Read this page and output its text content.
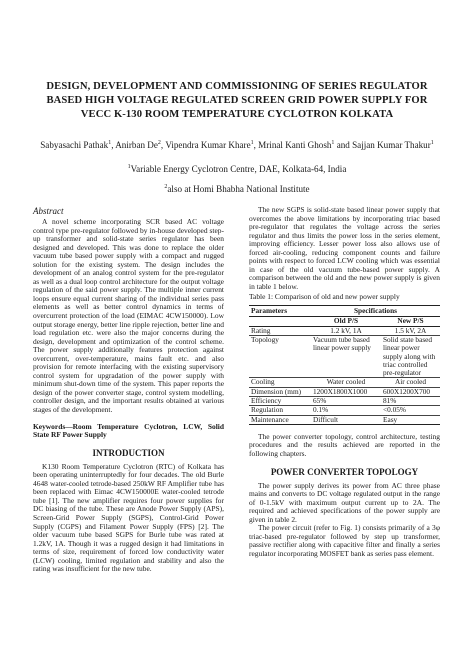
DESIGN, DEVELOPMENT AND COMMISSIONING OF SERIES REGULATOR BASED HIGH VOLTAGE REGULATED SCREEN GRID POWER SUPPLY FOR VECC K-130 ROOM TEMPERATURE CYCLOTRON KOLKATA
Sabyasachi Pathak$^1$, Anirban De$^2$, Vipendra Kumar Khare$^1$, Mrinal Kanti Ghosh$^1$ and Sajjan Kumar Thakur$^1$
$^1$Variable Energy Cyclotron Centre, DAE, Kolkata-64, India
$^2$also at Homi Bhabha National Institute
Abstract

A novel scheme incorporating SCR based AC voltage control type pre-regulator followed by in-house developed step-up transformer and solid-state series regulator has been designed and developed. This was done to replace the older vacuum tube based power supply with a compact and rugged solution for the existing system. The design includes the development of an analog control system for the pre-regulator as well as a dual loop control architecture for the output voltage regulation of the said power supply. The multiple inner current loops ensure equal current sharing of the individual series pass elements as well as better control dynamics in terms of overcurrent protection of the load (EIMAC 4CW150000). Low output storage energy, better line ripple rejection, better line and load regulation etc. were also the major concerns during the design, development and optimization of the control scheme. The power supply additionally features protection against overcurrent, over-temperature, mains fault etc. and also provision for remote interfacing with the existing supervisory control system for upgradation of the power supply with minimum shut-down time of the system. This paper reports the design of the power converter stage, control system modelling, controller design, and the important results obtained at various stages of the development.

Keywords—Room Temperature Cyclotron, LCW, Solid State RF Power Supply

INTRODUCTION

K130 Room Temperature Cyclotron (RTC) of Kolkata has been operating uninterruptedly for four decades. The old Burle 4648 water-cooled tetrode-based 250kW RF Amplifier tube has been replaced with Eimac 4CW150000E water-cooled tetrode tube [1]. The new amplifier requires four power supplies for DC biasing of the tube. These are Anode Power Supply (APS), Screen-Grid Power Supply (SGPS), Control-Grid Power Supply (CGPS) and Filament Power Supply (FPS) [2]. The older vacuum tube based SGPS for Burle tube was rated at 1.2kV, 1A. Though it was a rugged design it had limitations in terms of size, requirement of forced low conductivity water (LCW) cooling, limited regulation and stability and also the rating was insufficient for the new tube.

The new SGPS is solid-state based linear power supply that overcomes the above limitations by incorporating triac based pre-regulator that regulates the voltage across the series regulator and thus limits the power loss in the series element, improving efficiency. Lesser power loss also allows use of forced air-cooling, reducing component counts and failure points with respect to forced LCW cooling which was essential in case of the old vacuum tube-based power supply. A comparison between the old and the new power supply is given in table 1 below.

Table 1: Comparison of old and new power supply

Parameters	Specifications	
	Old P/S	New P/S
Rating	1.2 kV, 1A	1.5 kV, 2A
Topology	Vacuum tube based linear power supply	Solid state based linear power supply along with triac controlled pre-regulator
Cooling	Water cooled	Air cooled
Dimension (mm)	1200X1800X1000	600X1200X700
Efficiency	65%	81%
Regulation	0.1%	<0.05%
Maintenance	Difficult	Easy

The power converter topology, control architecture, testing procedures and the results achieved are reported in the following chapters.

POWER CONVERTER TOPOLOGY

The power supply derives its power from AC three phase mains and converts to DC voltage regulated output in the range of 0-1.5kV with maximum output current up to 2A. The required and achieved specifications of the power supply are given in table 2.

The power circuit (refer to Fig. 1) consists primarily of a 3φ triac-based pre-regulator followed by step up transformer, passive rectifier along with capacitive filter and finally a series regulator incorporating MOSFET bank as series pass element.
